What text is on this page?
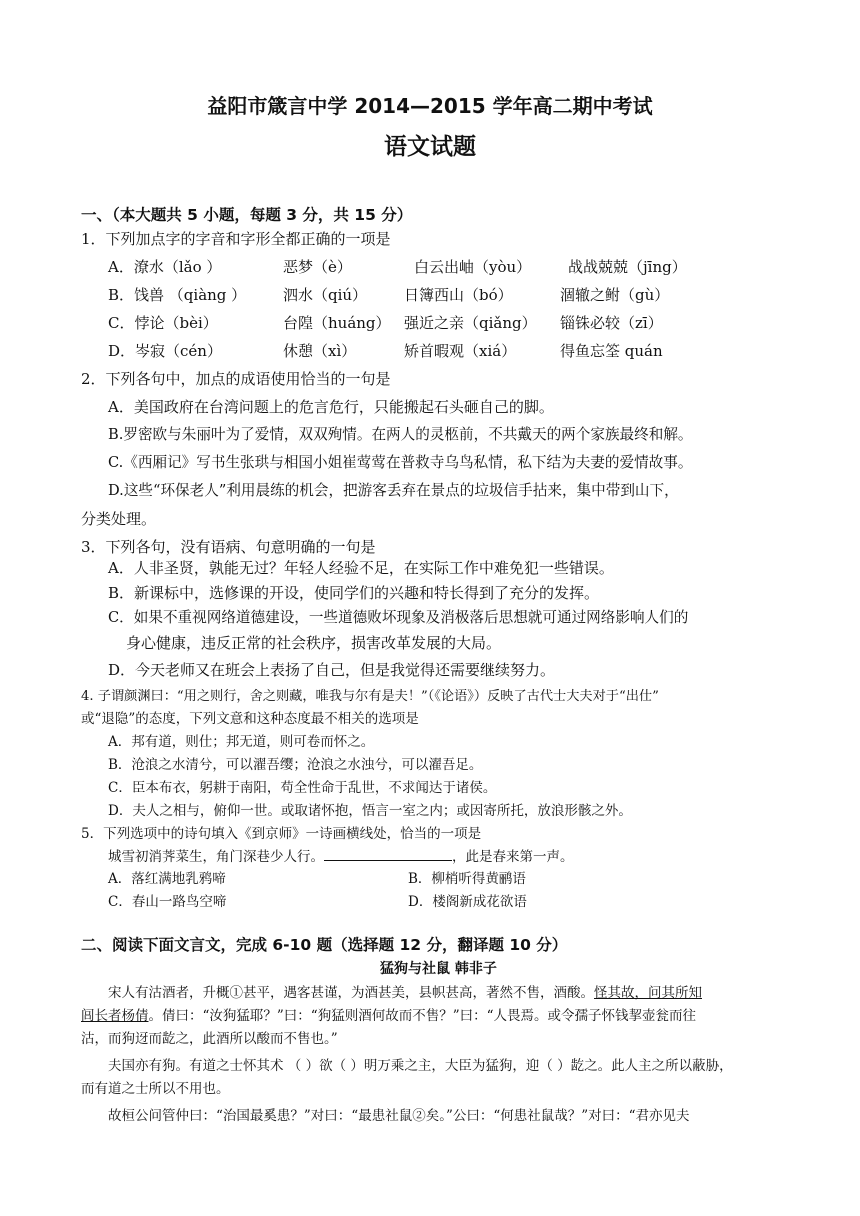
益阳市箴言中学 2014—2015 学年高二期中考试
语文试题
一、（本大题共 5 小题，每题 3 分，共 15 分）
1．下列加点字的字音和字形全都正确的一项是
A．潦水（lǎo ）	恶梦（è）	白云出岫（yòu） 战战兢兢（jīng）
B．饯兽 （qiàng ） 泗水（qiú） 日簿西山（bó）	涸辙之鲋（gù）
C．悖论（bèi）	台隍（huáng） 强近之亲（qiǎng） 锱铢必较（zī）
D．岑寂（cén）	休憩（xì）	矫首暇观（xiá）	得鱼忘筌 quán
2．下列各句中，加点的成语使用恰当的一句是
A．美国政府在台湾问题上的危言危行，只能搬起石头砸自己的脚。
B.罗密欧与朱丽叶为了爱情，双双殉情。在两人的灵柩前，不共戴天的两个家族最终和解。
C.《西厢记》写书生张珙与相国小姐崔莺莺在普救寺乌鸟私情，私下结为夫妻的爱情故事。
D.这些“环保老人”利用晨练的机会，把游客丢弃在景点的垃圾信手拈来，集中带到山下，
分类处理。
3．下列各句，没有语病、句意明确的一句是
A．人非圣贤，孰能无过？年轻人经验不足，在实际工作中难免犯一些错误。
B．新课标中，选修课的开设，使同学们的兴趣和特长得到了充分的发挥。
C．如果不重视网络道德建设，一些道德败坏现象及消极落后思想就可通过网络影响人们的
身心健康，违反正常的社会秩序，损害改革发展的大局。
D．今天老师又在班会上表扬了自己，但是我觉得还需要继续努力。
4. 子谓颜渊曰：“用之则行，舍之则藏，唯我与尔有是夫！”（《论语》）反映了古代士大夫对于“出仕”
或“退隐”的态度，下列文意和这种态度最不相关的选项是
A．邦有道，则仕；邦无道，则可卷而怀之。
B．沧浪之水清兮，可以濯吾缨；沧浪之水浊兮，可以濯吾足。
C．臣本布衣，躬耕于南阳，苟全性命于乱世，不求闻达于诸侯。
D．夫人之相与，俯仰一世。或取诸怀抱，悟言一室之内；或因寄所托，放浪形骸之外。
5．下列选项中的诗句填入《到京师》一诗画横线处，恰当的一项是
城雪初消荠菜生，角门深巷少人行。	，此是春来第一声。
A．落红满地乳鸦啼	B．柳梢听得黄鹂语
C．春山一路鸟空啼	D．楼阁新成花欲语
二、阅读下面文言文，完成 6-10 题（选择题 12 分，翻译题 10 分）
猛狗与社鼠 韩非子
宋人有沽酒者，升概①甚平，遇客甚谨，为酒甚美，县帜甚高，著然不售，酒酸。怪其故，问其所知
闾长者杨倩。倩曰：“汝狗猛耶？”曰：“狗猛则酒何故而不售？”曰：“人畏焉。或令孺子怀钱挈壶瓮而往
沽，而狗迓而龁之，此酒所以酸而不售也。”
夫国亦有狗。有道之士怀其术 （ ）欲（ ）明万乘之主，大臣为猛狗，迎（ ）龁之。此人主之所以蔽胁，
而有道之士所以不用也。
故桓公问管仲曰：“治国最奚患？”对曰：“最患社鼠②矣。”公曰：“何患社鼠哉？”对曰：“君亦见夫
